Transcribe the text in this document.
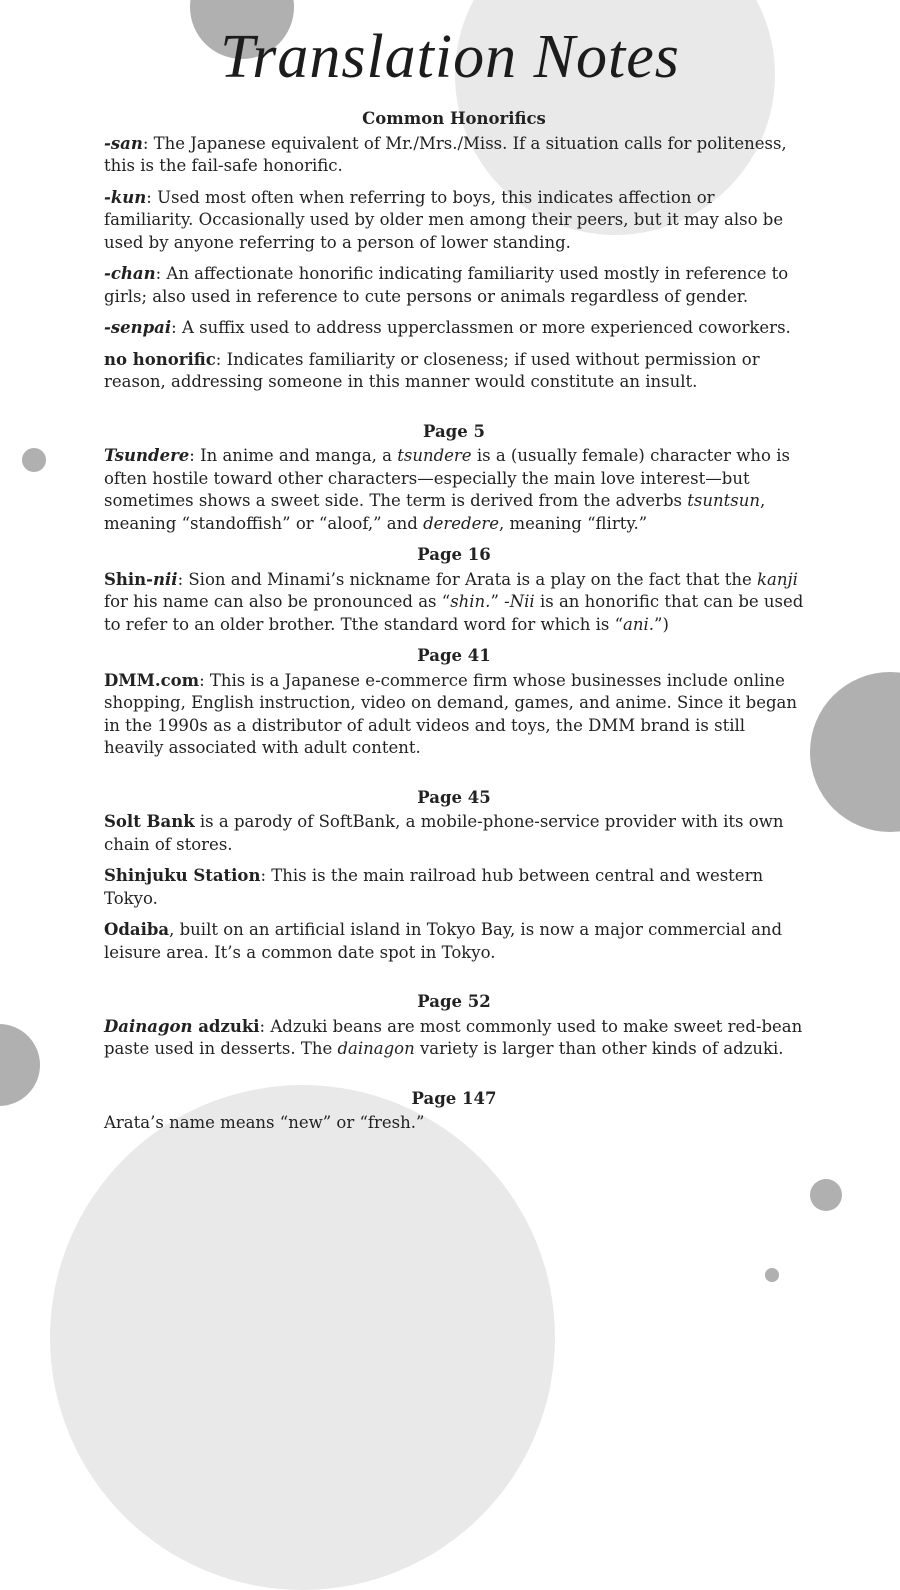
Translation Notes

Common Honorifics

-san: The Japanese equivalent of Mr./Mrs./Miss. If a situation calls for politeness, this is the fail-safe honorific.

-kun: Used most often when referring to boys, this indicates affection or familiarity. Occasionally used by older men among their peers, but it may also be used by anyone referring to a person of lower standing.

-chan: An affectionate honorific indicating familiarity used mostly in reference to girls; also used in reference to cute persons or animals regardless of gender.

-senpai: A suffix used to address upperclassmen or more experienced coworkers.

no honorific: Indicates familiarity or closeness; if used without permission or reason, addressing someone in this manner would constitute an insult.

Page 5

Tsundere: In anime and manga, a tsundere is a (usually female) character who is often hostile toward other characters—especially the main love interest—but sometimes shows a sweet side. The term is derived from the adverbs tsuntsun, meaning “standoffish” or “aloof,” and deredere, meaning “flirty.”

Page 16

Shin-nii: Sion and Minami’s nickname for Arata is a play on the fact that the kanji for his name can also be pronounced as “shin.” -Nii is an honorific that can be used to refer to an older brother. Tthe standard word for which is “ani.”)

Page 41

DMM.com: This is a Japanese e-commerce firm whose businesses include online shopping, English instruction, video on demand, games, and anime. Since it began in the 1990s as a distributor of adult videos and toys, the DMM brand is still heavily associated with adult content.

Page 45

Solt Bank is a parody of SoftBank, a mobile-phone-service provider with its own chain of stores.

Shinjuku Station: This is the main railroad hub between central and western Tokyo.

Odaiba, built on an artificial island in Tokyo Bay, is now a major commercial and leisure area. It’s a common date spot in Tokyo.

Page 52

Dainagon adzuki: Adzuki beans are most commonly used to make sweet red-bean paste used in desserts. The dainagon variety is larger than other kinds of adzuki.

Page 147

Arata’s name means “new” or “fresh.”
